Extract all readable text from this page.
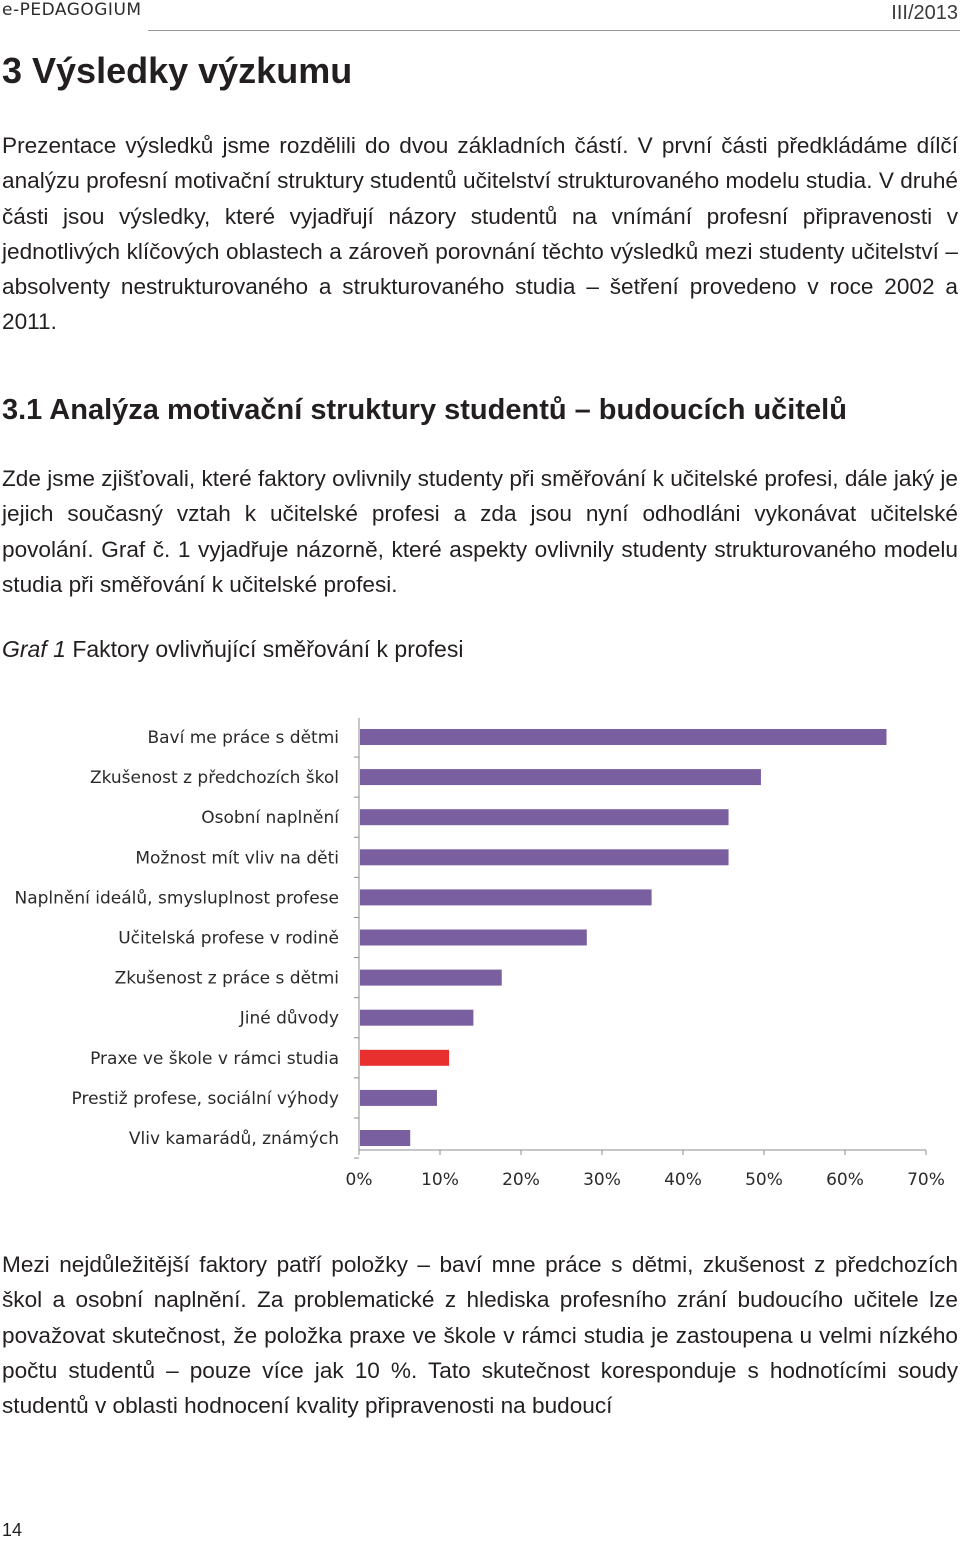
e-PEDAGOGIUM	III/2013
3 Výsledky výzkumu

Prezentace výsledků jsme rozdělili do dvou základních částí. V první části předkládáme dílčí analýzu profesní motivační struktury studentů učitelství strukturovaného modelu studia. V druhé části jsou výsledky, které vyjadřují názory studentů na vnímání profesní připravenosti v jednotlivých klíčových oblastech a zároveň porovnání těchto výsledků mezi studenty učitelství – absolventy nestrukturovaného a strukturovaného studia – šetření provedeno v roce 2002 a 2011.

3.1 Analýza motivační struktury studentů – budoucích učitelů

Zde jsme zjišťovali, které faktory ovlivnily studenty při směřování k učitelské profesi, dále jaký je jejich současný vztah k učitelské profesi a zda jsou nyní odhodláni vykonávat učitelské povolání. Graf č. 1 vyjadřuje názorně, které aspekty ovlivnily studenty strukturovaného modelu studia při směřování k učitelské profesi.

Graf 1 Faktory ovlivňující směřování k profesi
Baví me práce s dětmi
Zkušenost z předchozích škol
Osobní naplnění
Možnost mít vliv na děti
Naplnění ideálů, smysluplnost profese
Učitelská profese v rodině
Zkušenost z práce s dětmi
Jiné důvody
Praxe ve škole v rámci studia
Prestiž profese, sociální výhody
Vliv kamarádů, známých
0%	10%	20%	30%	40%	50%	60%	70%

Mezi nejdůležitější faktory patří položky – baví mne práce s dětmi, zkušenost z předchozích škol a osobní naplnění. Za problematické z hlediska profesního zrání budoucího učitele lze považovat skutečnost, že položka praxe ve škole v rámci studia je zastoupena u velmi nízkého počtu studentů – pouze více jak 10 %. Tato skutečnost koresponduje s hodnotícími soudy studentů v oblasti hodnocení kvality připravenosti na budoucí

14
